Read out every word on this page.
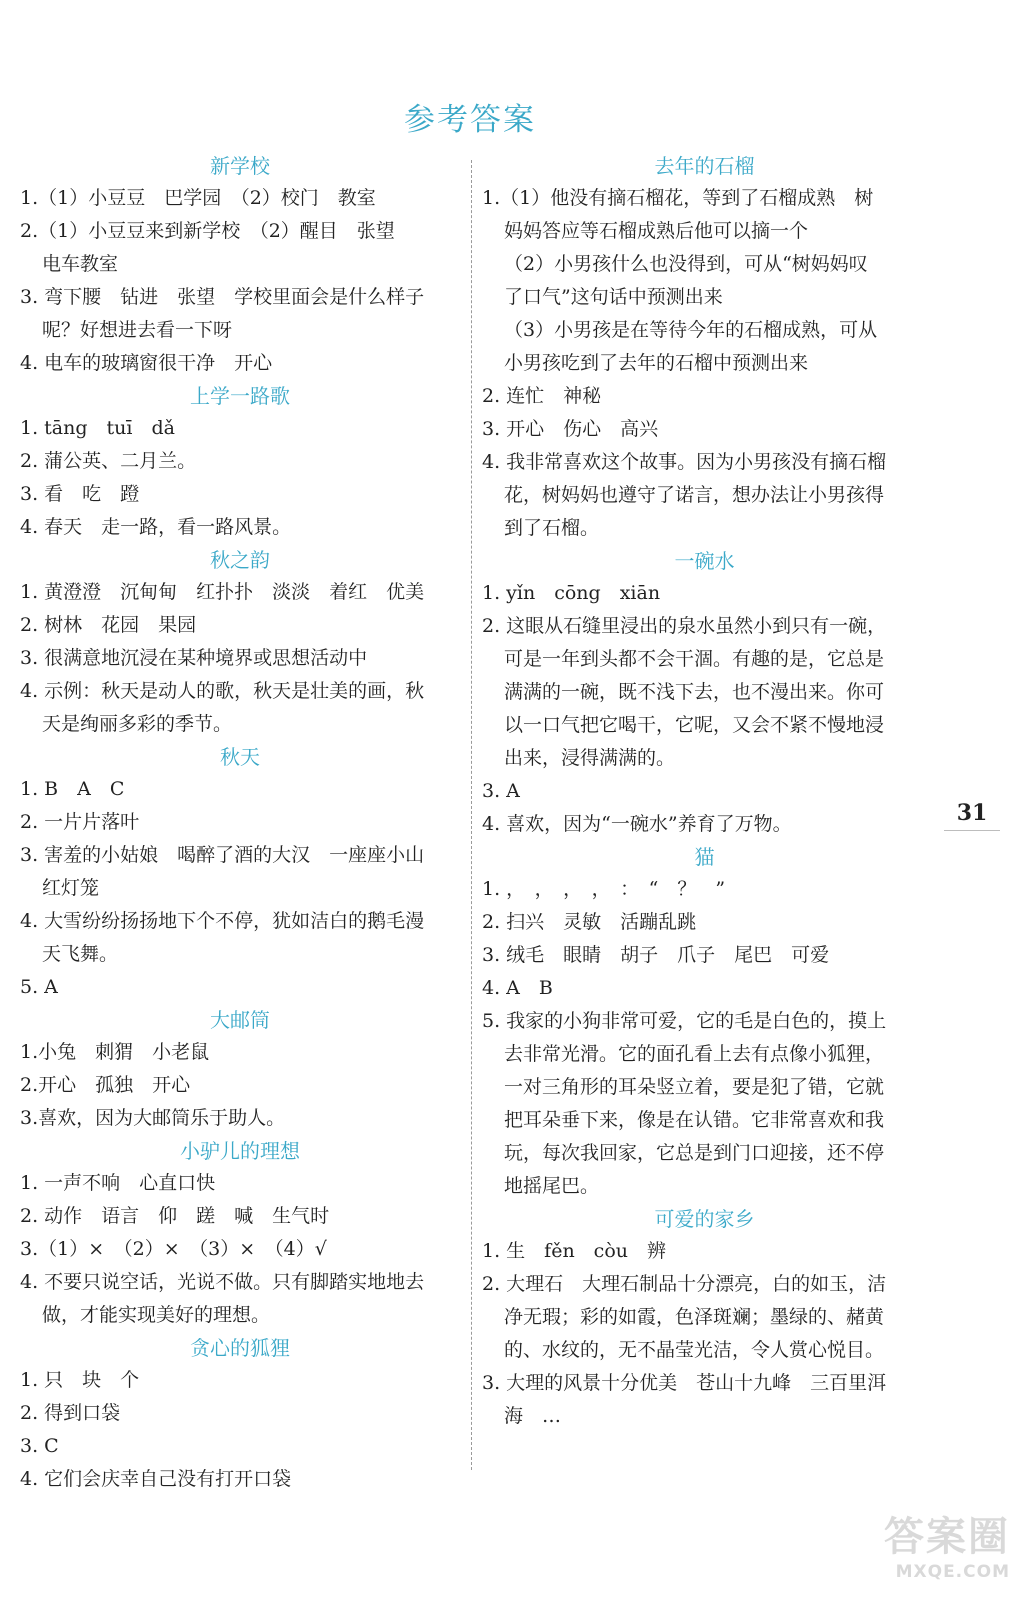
参考答案
新学校
1.（1）小豆豆　巴学园　（2）校门　教室
2.（1）小豆豆来到新学校　（2）醒目　张望
电车教室
3. 弯下腰　钻进　张望　学校里面会是什么样子
呢？好想进去看一下呀
4. 电车的玻璃窗很干净　开心
上学一路歌
1. tāng　tuī　dǎ
2. 蒲公英、二月兰。
3. 看　吃　蹬
4. 春天　走一路，看一路风景。
秋之韵
1. 黄澄澄　沉甸甸　红扑扑　淡淡　着红　优美
2. 树林　花园　果园
3. 很满意地沉浸在某种境界或思想活动中
4. 示例：秋天是动人的歌，秋天是壮美的画，秋
天是绚丽多彩的季节。
秋天
1. B　A　C
2. 一片片落叶
3. 害羞的小姑娘　喝醉了酒的大汉　一座座小山
红灯笼
4. 大雪纷纷扬扬地下个不停，犹如洁白的鹅毛漫
天飞舞。
5. A
大邮筒
1.小兔　刺猬　小老鼠
2.开心　孤独　开心
3.喜欢，因为大邮筒乐于助人。
小驴儿的理想
1. 一声不响　心直口快
2. 动作　语言　仰　蹉　喊　生气时
3.（1）×　（2）×　（3）×　（4）√
4. 不要只说空话，光说不做。只有脚踏实地地去
做，才能实现美好的理想。
贪心的狐狸
1. 只　块　个
2. 得到口袋
3. C
4. 它们会庆幸自己没有打开口袋
去年的石榴
1.（1）他没有摘石榴花，等到了石榴成熟　树
妈妈答应等石榴成熟后他可以摘一个
（2）小男孩什么也没得到，可从“树妈妈叹
了口气”这句话中预测出来
（3）小男孩是在等待今年的石榴成熟，可从
小男孩吃到了去年的石榴中预测出来
2. 连忙　神秘
3. 开心　伤心　高兴
4. 我非常喜欢这个故事。因为小男孩没有摘石榴
花，树妈妈也遵守了诺言，想办法让小男孩得
到了石榴。
一碗水
1. yǐn　cōng　xiān
2. 这眼从石缝里浸出的泉水虽然小到只有一碗，
可是一年到头都不会干涸。有趣的是，它总是
满满的一碗，既不浅下去，也不漫出来。你可
以一口气把它喝干，它呢，又会不紧不慢地浸
出来，浸得满满的。
3. A
4. 喜欢，因为“一碗水”养育了万物。
猫
1. ，　，　，　，　：　“　？　”
2. 扫兴　灵敏　活蹦乱跳
3. 绒毛　眼睛　胡子　爪子　尾巴　可爱
4. A　B
5. 我家的小狗非常可爱，它的毛是白色的，摸上
去非常光滑。它的面孔看上去有点像小狐狸，
一对三角形的耳朵竖立着，要是犯了错，它就
把耳朵垂下来，像是在认错。它非常喜欢和我
玩，每次我回家，它总是到门口迎接，还不停
地摇尾巴。
可爱的家乡
1. 生　fěn　còu　辨
2. 大理石　大理石制品十分漂亮，白的如玉，洁
净无瑕；彩的如霞，色泽斑斓；墨绿的、赭黄
的、水纹的，无不晶莹光洁，令人赏心悦目。
3. 大理的风景十分优美　苍山十九峰　三百里洱
海　…
31
答案圈
MXQE.COM
